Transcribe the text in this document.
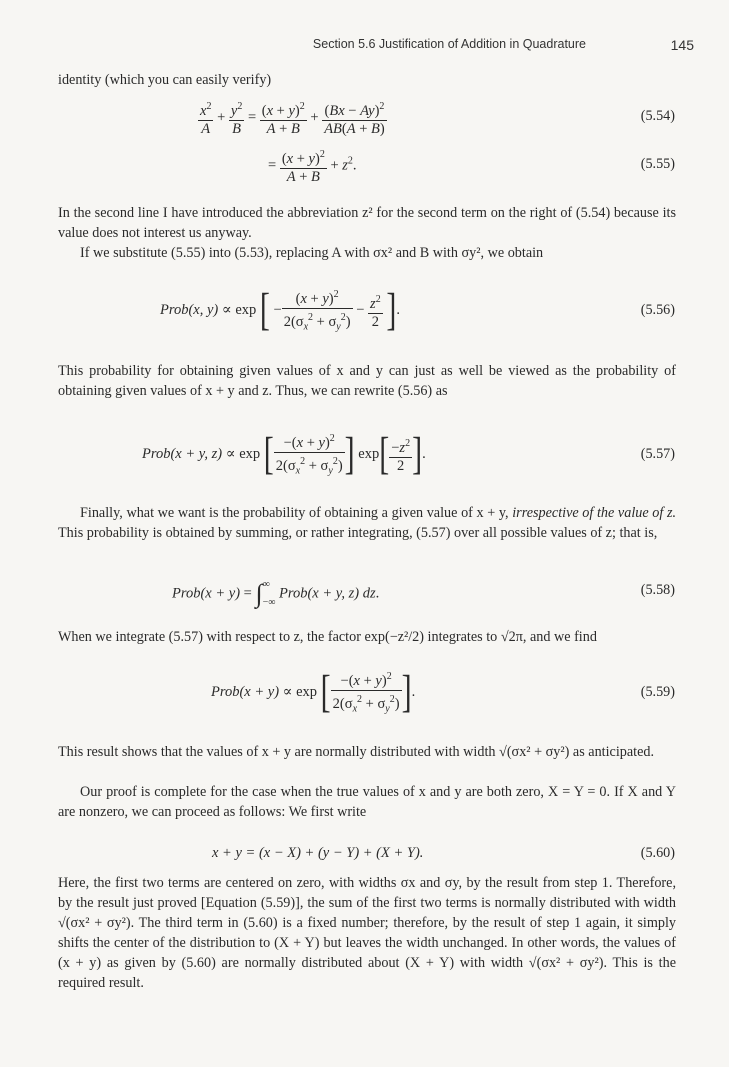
Section 5.6 Justification of Addition in Quadrature	145
identity (which you can easily verify)
$\frac{x^2}{A} + \frac{y^2}{B} = \frac{(x + y)^2}{A + B} + \frac{(Bx - Ay)^2}{AB(A + B)}$	(5.54)
= $\frac{(x + y)^2}{A + B} + z^2$.	(5.55)
In the second line I have introduced the abbreviation z² for the second term on the right of (5.54) because its value does not interest us anyway.
If we substitute (5.55) into (5.53), replacing A with σx² and B with σy², we obtain
Prob(x, y) ∝ exp [ − $\frac{(x + y)^2}{2(\sigma_x^2 + \sigma_y^2)} - \frac{z^2}{2}$ ].	(5.56)
This probability for obtaining given values of x and y can just as well be viewed as the probability of obtaining given values of x + y and z. Thus, we can rewrite (5.56) as
Prob(x + y, z) ∝ exp [ $\frac{-(x + y)^2}{2(\sigma_x^2 + \sigma_y^2)}$ ] $\exp[ \frac{-z^2}{2}$ ].	(5.57)
Finally, what we want is the probability of obtaining a given value of x + y, irrespective of the value of z. This probability is obtained by summing, or rather integrating, (5.57) over all possible values of z; that is,
Prob(x + y) = ∫∞
−∞ Prob(x + y, z) dz.	(5.58)
When we integrate (5.57) with respect to z, the factor exp(−z²/2) integrates to √2π, and we find
Prob(x + y) ∝ exp [ $\frac{-(x + y)^2}{2(\sigma_x^2 + \sigma_y^2)}$ ].	(5.59)
This result shows that the values of x + y are normally distributed with width √(σx² + σy²) as anticipated.
Our proof is complete for the case when the true values of x and y are both zero, X = Y = 0. If X and Y are nonzero, we can proceed as follows: We first write
x + y = (x − X) + (y − Y) + (X + Y).	(5.60)
Here, the first two terms are centered on zero, with widths σx and σy, by the result from step 1. Therefore, by the result just proved [Equation (5.59)], the sum of the first two terms is normally distributed with width √(σx² + σy²). The third term in (5.60) is a fixed number; therefore, by the result of step 1 again, it simply shifts the center of the distribution to (X + Y) but leaves the width unchanged. In other words, the values of (x + y) as given by (5.60) are normally distributed about (X + Y) with width √(σx² + σy²). This is the required result.
